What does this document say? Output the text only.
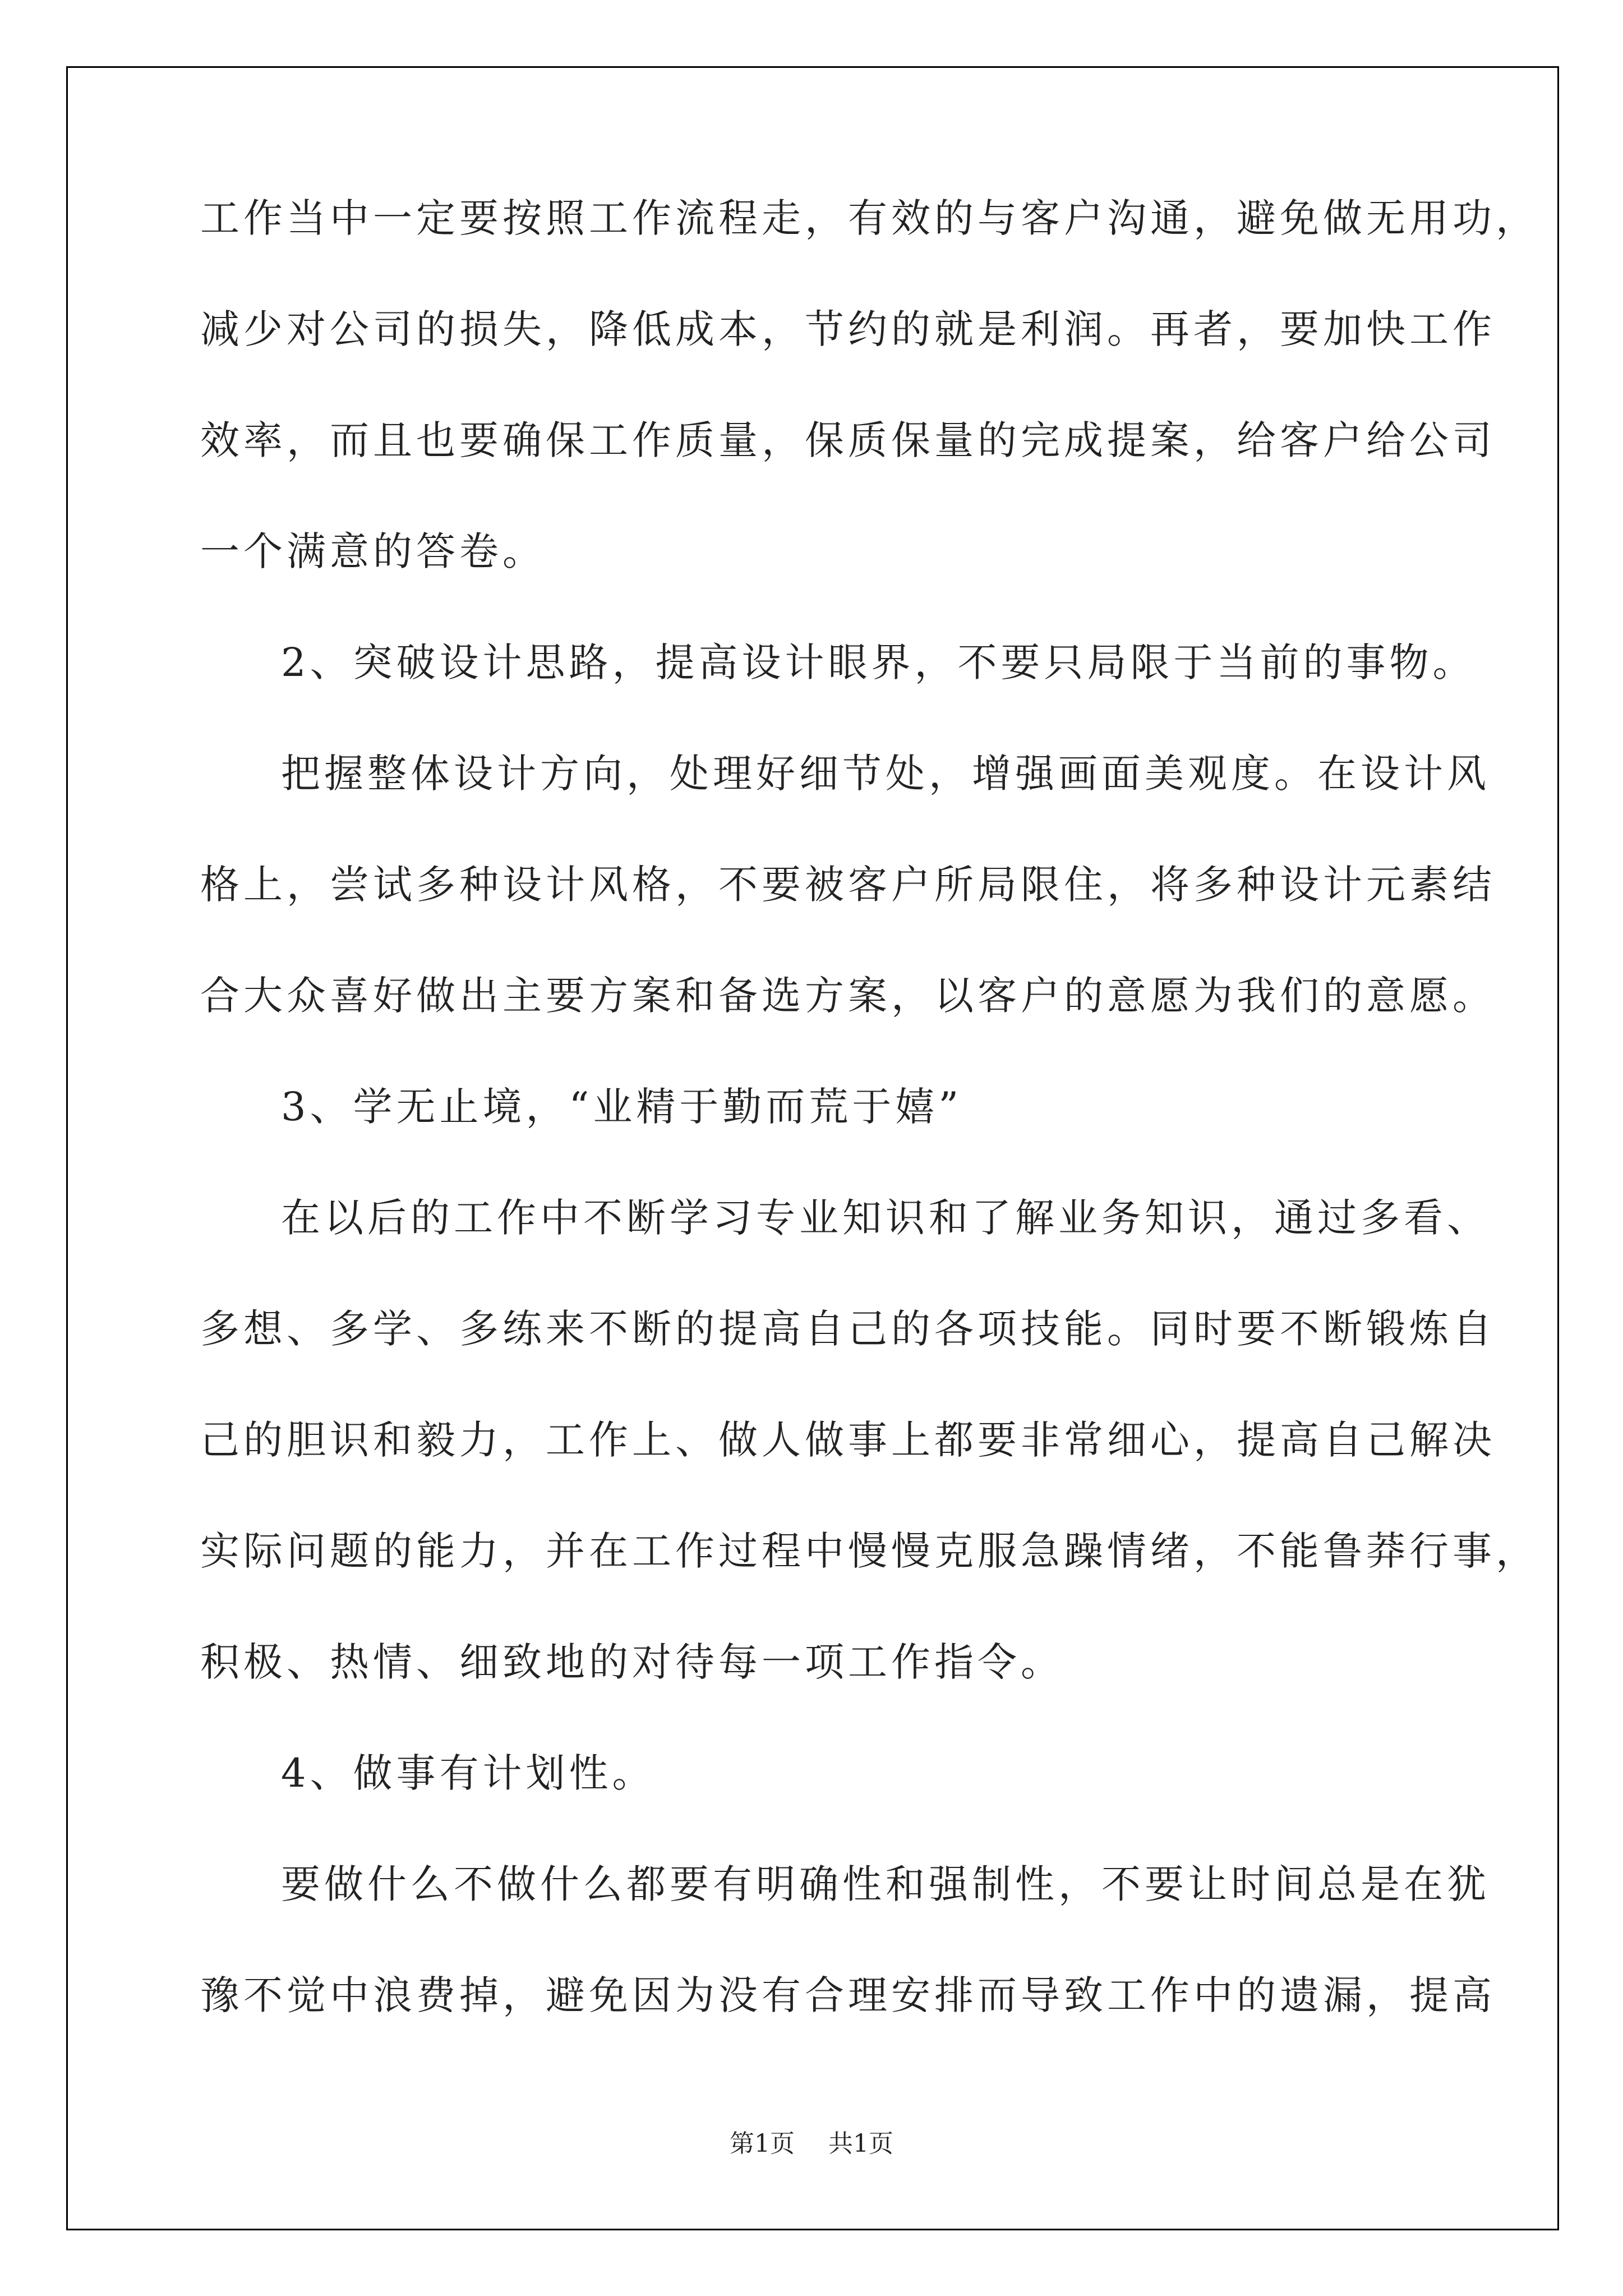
工作当中一定要按照工作流程走，有效的与客户沟通，避免做无用功，
减少对公司的损失，降低成本，节约的就是利润。再者，要加快工作
效率，而且也要确保工作质量，保质保量的完成提案，给客户给公司
一个满意的答卷。
2、突破设计思路，提高设计眼界，不要只局限于当前的事物。
把握整体设计方向，处理好细节处，增强画面美观度。在设计风
格上，尝试多种设计风格，不要被客户所局限住，将多种设计元素结
合大众喜好做出主要方案和备选方案，以客户的意愿为我们的意愿。
3、学无止境，“业精于勤而荒于嬉”
在以后的工作中不断学习专业知识和了解业务知识，通过多看、
多想、多学、多练来不断的提高自己的各项技能。同时要不断锻炼自
己的胆识和毅力，工作上、做人做事上都要非常细心，提高自己解决
实际问题的能力，并在工作过程中慢慢克服急躁情绪，不能鲁莽行事，
积极、热情、细致地的对待每一项工作指令。
4、做事有计划性。
要做什么不做什么都要有明确性和强制性，不要让时间总是在犹
豫不觉中浪费掉，避免因为没有合理安排而导致工作中的遗漏，提高
第1页 共1页
